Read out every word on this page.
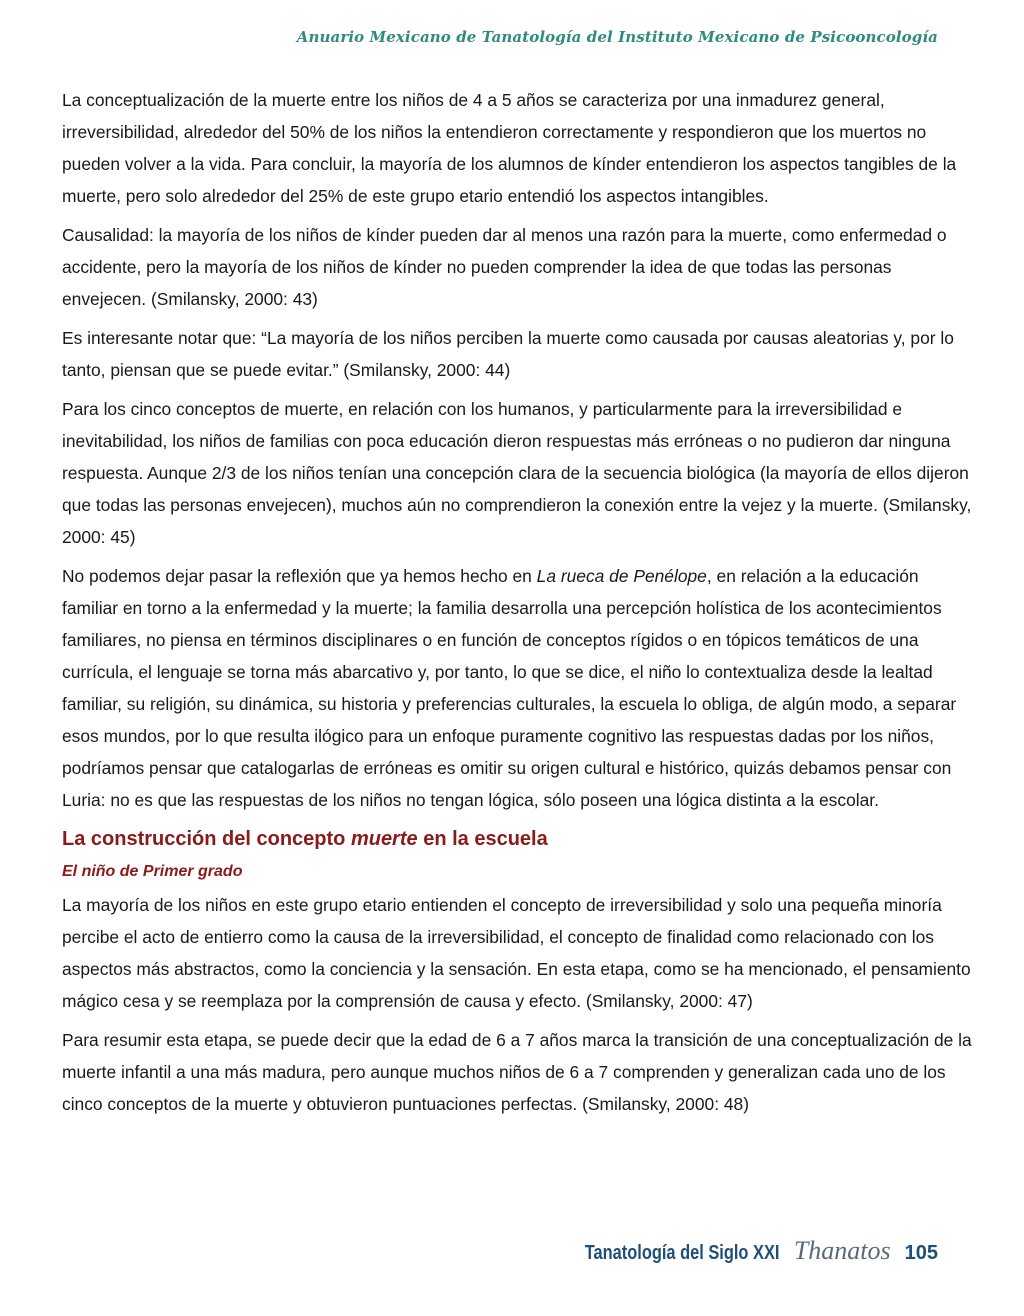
Anuario Mexicano de Tanatología del Instituto Mexicano de Psicooncología

La conceptualización de la muerte entre los niños de 4 a 5 años se caracteriza por una inmadurez general, irreversibilidad, alrededor del 50% de los niños la entendieron correctamente y respondieron que los muertos no pueden volver a la vida. Para concluir, la mayoría de los alumnos de kínder entendieron los aspectos tangibles de la muerte, pero solo alrededor del 25% de este grupo etario entendió los aspectos intangibles.

Causalidad: la mayoría de los niños de kínder pueden dar al menos una razón para la muerte, como enfermedad o accidente, pero la mayoría de los niños de kínder no pueden comprender la idea de que todas las personas envejecen. (Smilansky, 2000: 43)

Es interesante notar que: “La mayoría de los niños perciben la muerte como causada por causas aleatorias y, por lo tanto, piensan que se puede evitar.” (Smilansky, 2000: 44)

Para los cinco conceptos de muerte, en relación con los humanos, y particularmente para la irreversibilidad e inevitabilidad, los niños de familias con poca educación dieron respuestas más erróneas o no pudieron dar ninguna respuesta. Aunque 2/3 de los niños tenían una concepción clara de la secuencia biológica (la mayoría de ellos dijeron que todas las personas envejecen), muchos aún no comprendieron la conexión entre la vejez y la muerte. (Smilansky, 2000: 45)

No podemos dejar pasar la reflexión que ya hemos hecho en La rueca de Penélope, en relación a la educación familiar en torno a la enfermedad y la muerte; la familia desarrolla una percepción holística de los acontecimientos familiares, no piensa en términos disciplinares o en función de conceptos rígidos o en tópicos temáticos de una currícula, el lenguaje se torna más abarcativo y, por tanto, lo que se dice, el niño lo contextualiza desde la lealtad familiar, su religión, su dinámica, su historia y preferencias culturales, la escuela lo obliga, de algún modo, a separar esos mundos, por lo que resulta ilógico para un enfoque puramente cognitivo las respuestas dadas por los niños, podríamos pensar que catalogarlas de erróneas es omitir su origen cultural e histórico, quizás debamos pensar con Luria: no es que las respuestas de los niños no tengan lógica, sólo poseen una lógica distinta a la escolar.

La construcción del concepto muerte en la escuela
El niño de Primer grado

La mayoría de los niños en este grupo etario entienden el concepto de irreversibilidad y solo una pequeña minoría percibe el acto de entierro como la causa de la irreversibilidad, el concepto de finalidad como relacionado con los aspectos más abstractos, como la conciencia y la sensación. En esta etapa, como se ha mencionado, el pensamiento mágico cesa y se reemplaza por la comprensión de causa y efecto. (Smilansky, 2000: 47)

Para resumir esta etapa, se puede decir que la edad de 6 a 7 años marca la transición de una conceptualización de la muerte infantil a una más madura, pero aunque muchos niños de 6 a 7 comprenden y generalizan cada uno de los cinco conceptos de la muerte y obtuvieron puntuaciones perfectas. (Smilansky, 2000: 48)

Tanatología del Siglo XXI Thanatos 105
